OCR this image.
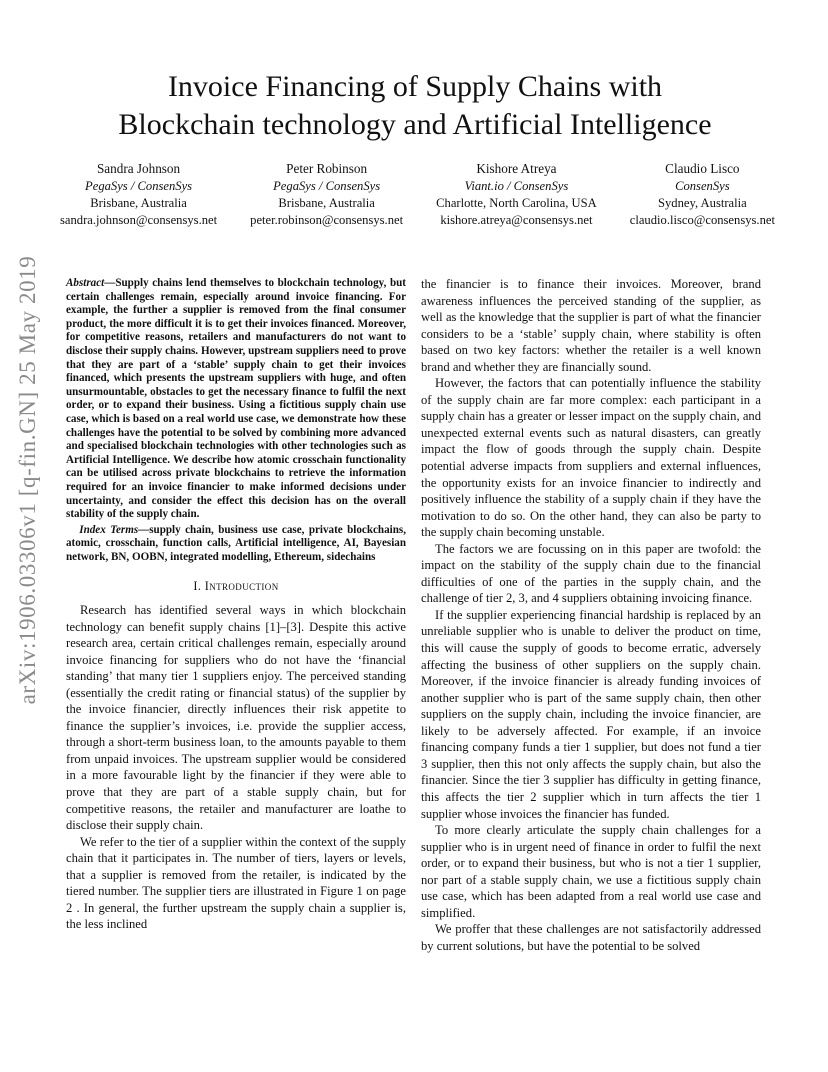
arXiv:1906.03306v1 [q-fin.GN] 25 May 2019
Invoice Financing of Supply Chains with
Blockchain technology and Artificial Intelligence
Sandra Johnson
PegaSys / ConsenSys
Brisbane, Australia
sandra.johnson@consensys.net
Peter Robinson
PegaSys / ConsenSys
Brisbane, Australia
peter.robinson@consensys.net
Kishore Atreya
Viant.io / ConsenSys
Charlotte, North Carolina, USA
kishore.atreya@consensys.net
Claudio Lisco
ConsenSys
Sydney, Australia
claudio.lisco@consensys.net
Abstract—Supply chains lend themselves to blockchain technology, but certain challenges remain, especially around invoice financing. For example, the further a supplier is removed from the final consumer product, the more difficult it is to get their invoices financed. Moreover, for competitive reasons, retailers and manufacturers do not want to disclose their supply chains. However, upstream suppliers need to prove that they are part of a ‘stable’ supply chain to get their invoices financed, which presents the upstream suppliers with huge, and often unsurmountable, obstacles to get the necessary finance to fulfil the next order, or to expand their business. Using a fictitious supply chain use case, which is based on a real world use case, we demonstrate how these challenges have the potential to be solved by combining more advanced and specialised blockchain technologies with other technologies such as Artificial Intelligence. We describe how atomic crosschain functionality can be utilised across private blockchains to retrieve the information required for an invoice financier to make informed decisions under uncertainty, and consider the effect this decision has on the overall stability of the supply chain.
Index Terms—supply chain, business use case, private blockchains, atomic, crosschain, function calls, Artificial intelligence, AI, Bayesian network, BN, OOBN, integrated modelling, Ethereum, sidechains
I. Introduction

Research has identified several ways in which blockchain technology can benefit supply chains [1]–[3]. Despite this active research area, certain critical challenges remain, especially around invoice financing for suppliers who do not have the ‘financial standing’ that many tier 1 suppliers enjoy. The perceived standing (essentially the credit rating or financial status) of the supplier by the invoice financier, directly influences their risk appetite to finance the supplier’s invoices, i.e. provide the supplier access, through a short-term business loan, to the amounts payable to them from unpaid invoices. The upstream supplier would be considered in a more favourable light by the financier if they were able to prove that they are part of a stable supply chain, but for competitive reasons, the retailer and manufacturer are loathe to disclose their supply chain.

We refer to the tier of a supplier within the context of the supply chain that it participates in. The number of tiers, layers or levels, that a supplier is removed from the retailer, is indicated by the tiered number. The supplier tiers are illustrated in Figure 1 on page 2 . In general, the further upstream the supply chain a supplier is, the less inclined

the financier is to finance their invoices. Moreover, brand awareness influences the perceived standing of the supplier, as well as the knowledge that the supplier is part of what the financier considers to be a ‘stable’ supply chain, where stability is often based on two key factors: whether the retailer is a well known brand and whether they are financially sound.

However, the factors that can potentially influence the stability of the supply chain are far more complex: each participant in a supply chain has a greater or lesser impact on the supply chain, and unexpected external events such as natural disasters, can greatly impact the flow of goods through the supply chain. Despite potential adverse impacts from suppliers and external influences, the opportunity exists for an invoice financier to indirectly and positively influence the stability of a supply chain if they have the motivation to do so. On the other hand, they can also be party to the supply chain becoming unstable.

The factors we are focussing on in this paper are twofold: the impact on the stability of the supply chain due to the financial difficulties of one of the parties in the supply chain, and the challenge of tier 2, 3, and 4 suppliers obtaining invoicing finance.

If the supplier experiencing financial hardship is replaced by an unreliable supplier who is unable to deliver the product on time, this will cause the supply of goods to become erratic, adversely affecting the business of other suppliers on the supply chain. Moreover, if the invoice financier is already funding invoices of another supplier who is part of the same supply chain, then other suppliers on the supply chain, including the invoice financier, are likely to be adversely affected. For example, if an invoice financing company funds a tier 1 supplier, but does not fund a tier 3 supplier, then this not only affects the supply chain, but also the financier. Since the tier 3 supplier has difficulty in getting finance, this affects the tier 2 supplier which in turn affects the tier 1 supplier whose invoices the financier has funded.

To more clearly articulate the supply chain challenges for a supplier who is in urgent need of finance in order to fulfil the next order, or to expand their business, but who is not a tier 1 supplier, nor part of a stable supply chain, we use a fictitious supply chain use case, which has been adapted from a real world use case and simplified.

We proffer that these challenges are not satisfactorily addressed by current solutions, but have the potential to be solved
